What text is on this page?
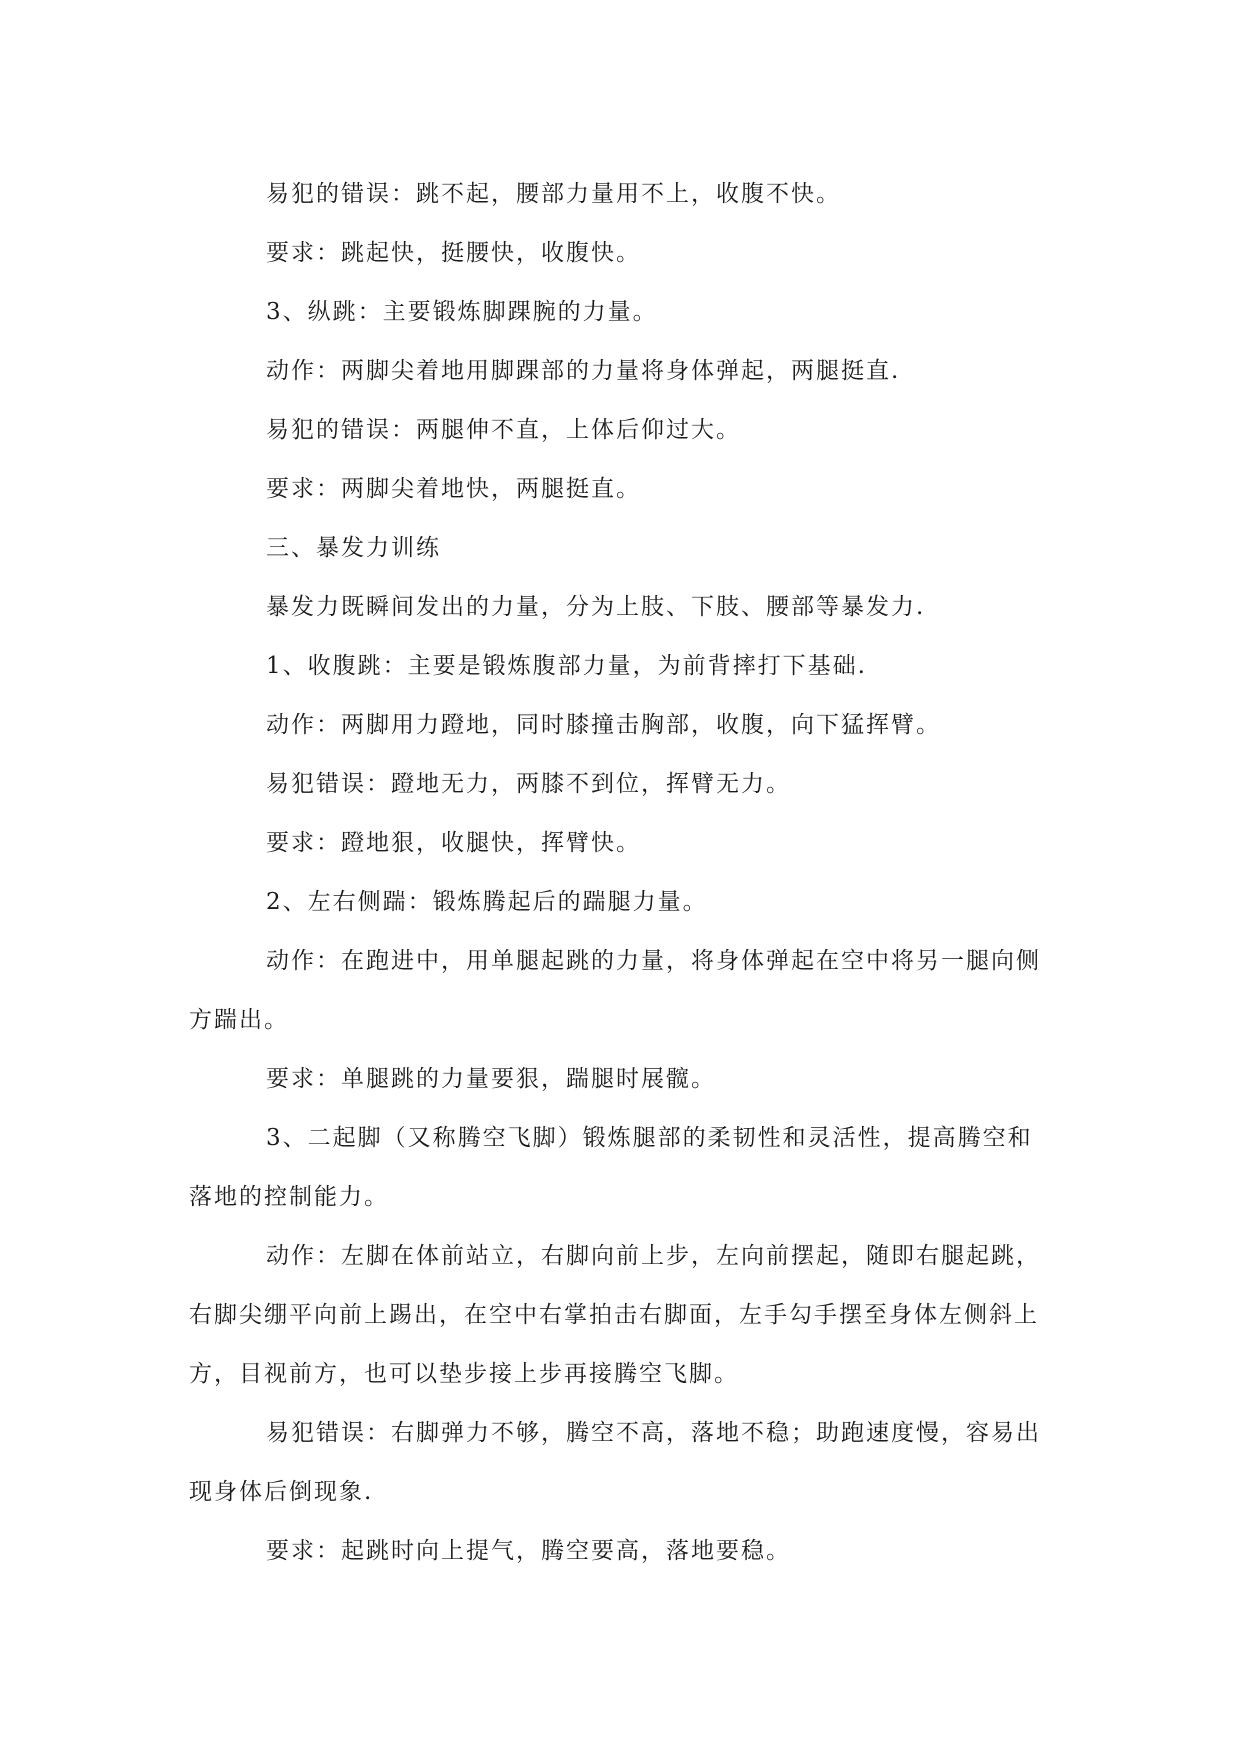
易犯的错误：跳不起，腰部力量用不上，收腹不快。

要求：跳起快，挺腰快，收腹快。

3、纵跳：主要锻炼脚踝腕的力量。

动作：两脚尖着地用脚踝部的力量将身体弹起，两腿挺直.

易犯的错误：两腿伸不直，上体后仰过大。

要求：两脚尖着地快，两腿挺直。

三、暴发力训练

暴发力既瞬间发出的力量，分为上肢、下肢、腰部等暴发力.

1、收腹跳：主要是锻炼腹部力量，为前背摔打下基础.

动作：两脚用力蹬地，同时膝撞击胸部，收腹，向下猛挥臂。

易犯错误：蹬地无力，两膝不到位，挥臂无力。

要求：蹬地狠，收腿快，挥臂快。

2、左右侧踹：锻炼腾起后的踹腿力量。

动作：在跑进中，用单腿起跳的力量，将身体弹起在空中将另一腿向侧方踹出。

要求：单腿跳的力量要狠，踹腿时展髋。

3、二起脚（又称腾空飞脚）锻炼腿部的柔韧性和灵活性，提高腾空和落地的控制能力。

动作：左脚在体前站立，右脚向前上步，左向前摆起，随即右腿起跳，右脚尖绷平向前上踢出，在空中右掌拍击右脚面，左手勾手摆至身体左侧斜上方，目视前方，也可以垫步接上步再接腾空飞脚。

易犯错误：右脚弹力不够，腾空不高，落地不稳；助跑速度慢，容易出现身体后倒现象.

要求：起跳时向上提气，腾空要高，落地要稳。
